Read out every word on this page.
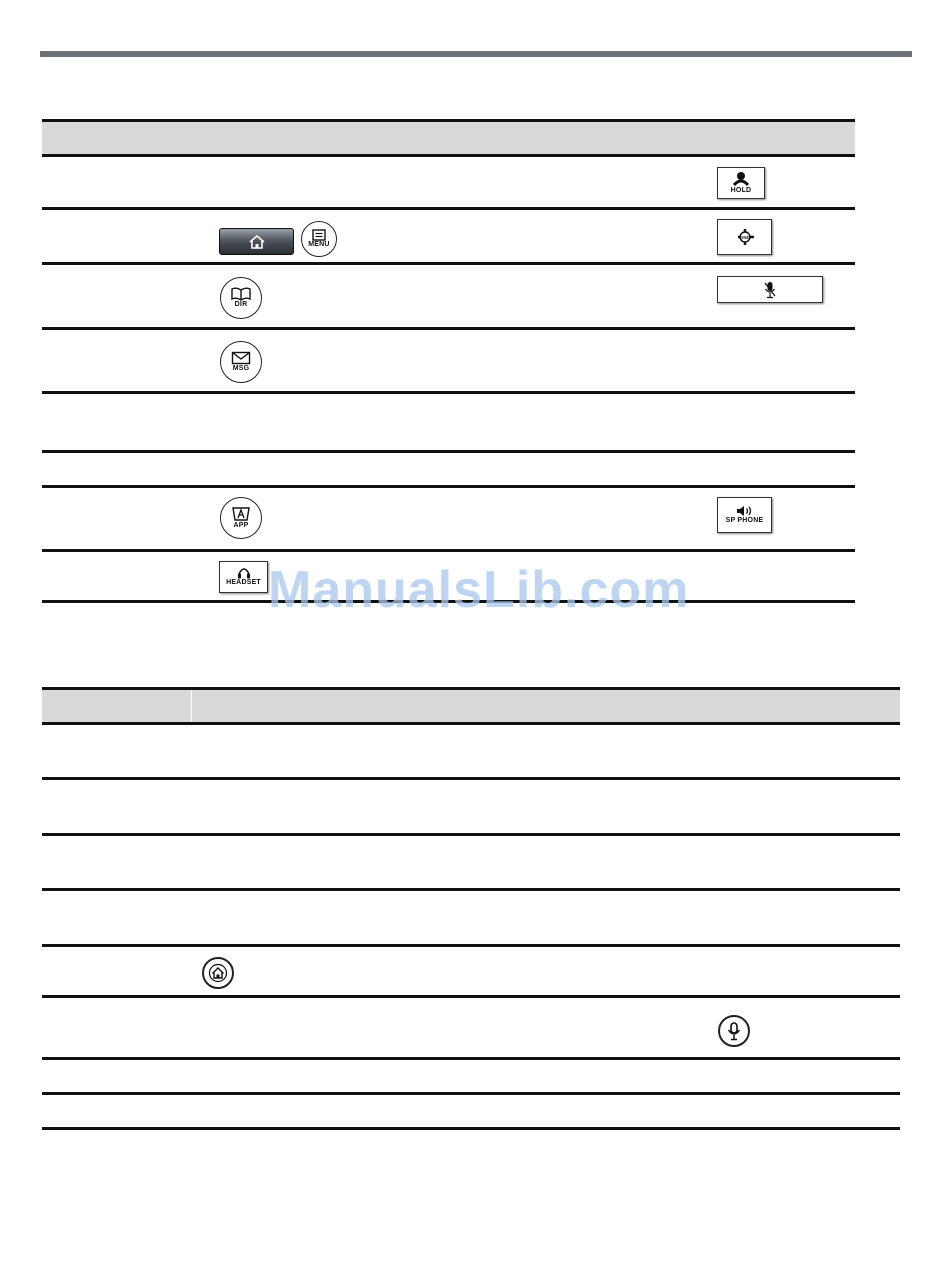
HOLD
MENU
DND
DIR
MSG
APP
SP PHONE
HEADSET ManualsLib.com
